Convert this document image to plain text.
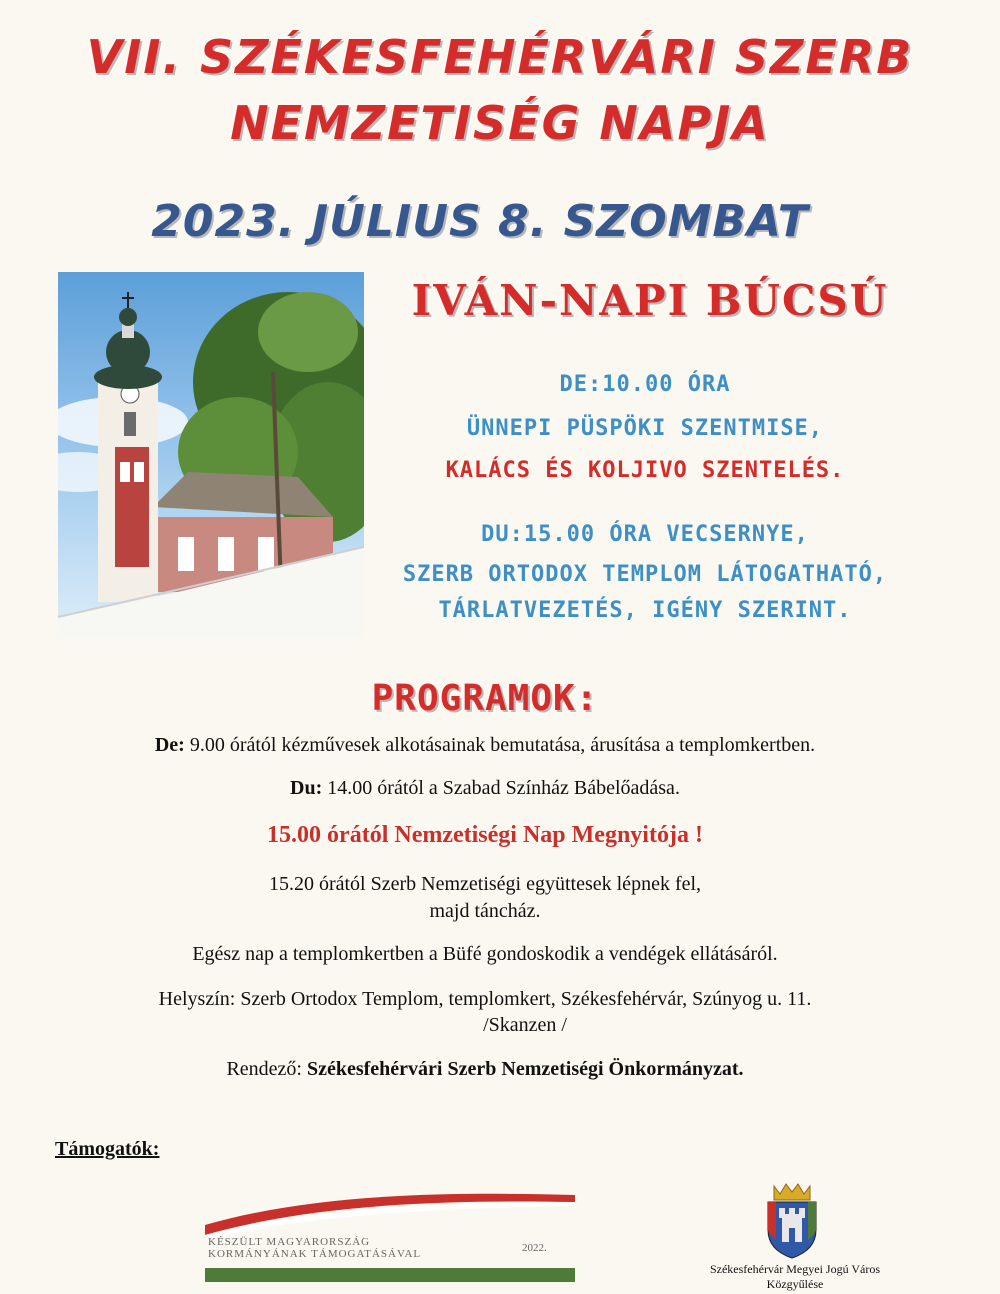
VII. SZÉKESFEHÉRVÁRI SZERB
NEMZETISÉG NAPJA
2023. JÚLIUS 8. SZOMBAT
IVÁN-NAPI BÚCSÚ
DE:10.00 ÓRA
ÜNNEPI PÜSPÖKI SZENTMISE,
KALÁCS ÉS KOLJIVO SZENTELÉS.
DU:15.00 ÓRA VECSERNYE,
SZERB ORTODOX TEMPLOM LÁTOGATHATÓ,
TÁRLATVEZETÉS, IGÉNY SZERINT.
PROGRAMOK:
De: 9.00 órától kézművesek alkotásainak bemutatása, árusítása a templomkertben.
Du: 14.00 órától a Szabad Színház Bábelőadása.
15.00 órától Nemzetiségi Nap Megnyitója !
15.20 órától Szerb Nemzetiségi együttesek lépnek fel,
majd táncház.
Egész nap a templomkertben a Büfé gondoskodik a vendégek ellátásáról.
Helyszín: Szerb Ortodox Templom, templomkert, Székesfehérvár, Szúnyog u. 11.
/Skanzen /
Rendező: Székesfehérvári Szerb Nemzetiségi Önkormányzat.
Támogatók:
KÉSZÜLT MAGYARORSZÁG
KORMÁNYÁNAK TÁMOGATÁSÁVAL	2022.
Székesfehérvár Megyei Jogú Város
Közgyűlése
